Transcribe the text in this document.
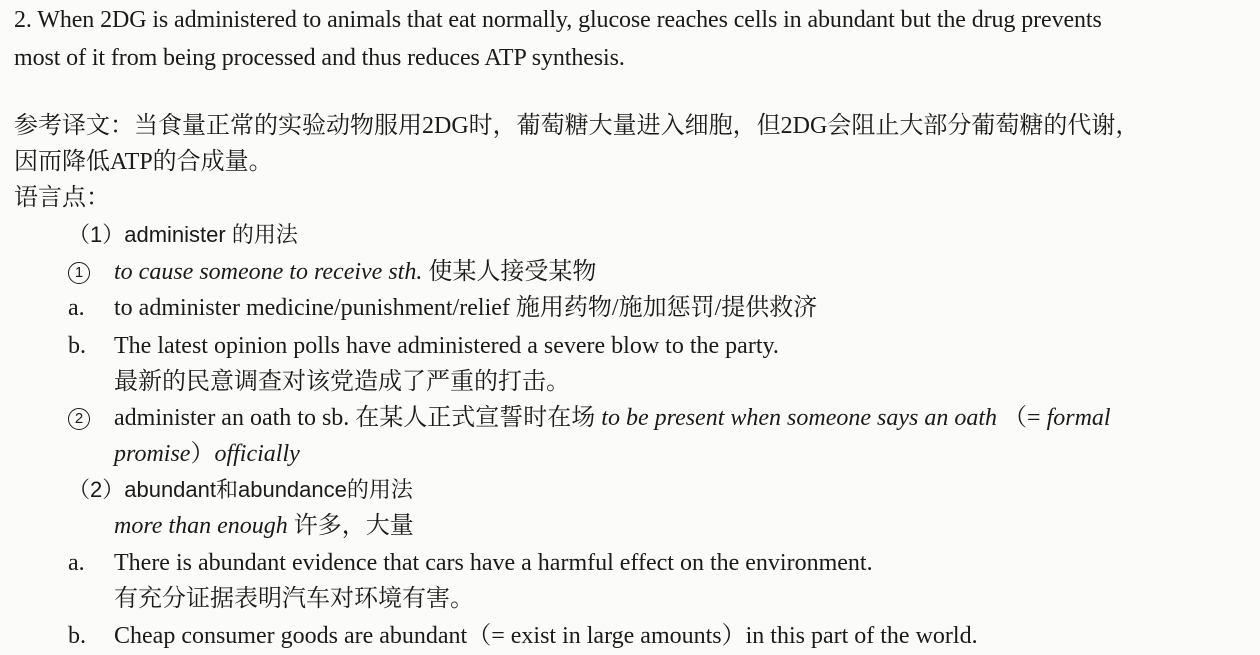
2. When 2DG is administered to animals that eat normally, glucose reaches cells in abundant but the drug prevents
most of it from being processed and thus reduces ATP synthesis.
参考译文：当食量正常的实验动物服用2DG时，葡萄糖大量进入细胞，但2DG会阻止大部分葡萄糖的代谢，
因而降低ATP的合成量。
语言点：
（1）administer 的用法
1 to cause someone to receive sth. 使某人接受某物
a. to administer medicine/punishment/relief 施用药物/施加惩罚/提供救济
b. The latest opinion polls have administered a severe blow to the party.
最新的民意调查对该党造成了严重的打击。
2 administer an oath to sb. 在某人正式宣誓时在场 to be present when someone says an oath （= formal
promise）officially
（2）abundant和abundance的用法
more than enough 许多，大量
a. There is abundant evidence that cars have a harmful effect on the environment.
有充分证据表明汽车对环境有害。
b. Cheap consumer goods are abundant（= exist in large amounts）in this part of the world.
